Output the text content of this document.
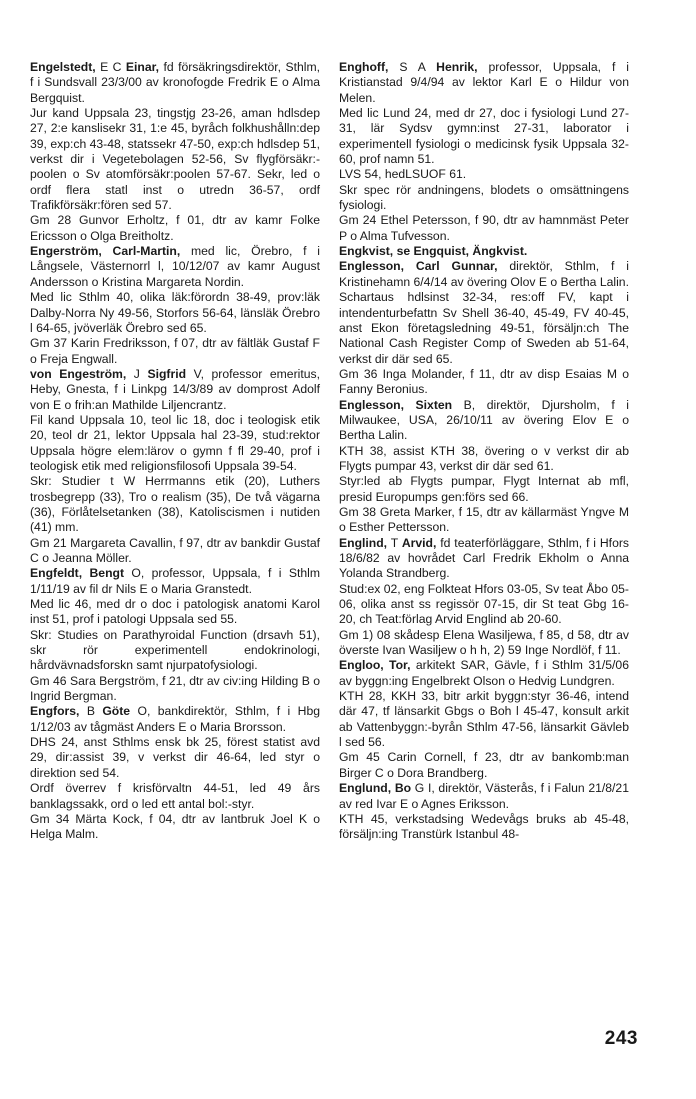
Engelstedt, E C Einar, fd försäkringsdirektör, Sthlm, f i Sundsvall 23/3/00 av kronofogde Fredrik E o Alma Bergquist.

Jur kand Uppsala 23, tingstjg 23-26, aman hdlsdep 27, 2:e kanslisekr 31, 1:e 45, byråch folkhushålln:dep 39, exp:ch 43-48, statssekr 47-50, exp:ch hdlsdep 51, verkst dir i Vegetebolagen 52-56, Sv flygförsäkr:-poolen o Sv atomförsäkr:poolen 57-67. Sekr, led o ordf flera statl inst o utredn 36-57, ordf Trafikförsäkr:fören sed 57.

Gm 28 Gunvor Erholtz, f 01, dtr av kamr Folke Ericsson o Olga Breitholtz.

Engerström, Carl-Martin, med lic, Örebro, f i Långsele, Västernorrl l, 10/12/07 av kamr August Andersson o Kristina Margareta Nordin.

Med lic Sthlm 40, olika läk:förordn 38-49, prov:läk Dalby-Norra Ny 49-56, Storfors 56-64, länsläk Örebro l 64-65, jvöverläk Örebro sed 65.

Gm 37 Karin Fredriksson, f 07, dtr av fältläk Gustaf F o Freja Engwall.

von Engeström, J Sigfrid V, professor emeritus, Heby, Gnesta, f i Linkpg 14/3/89 av domprost Adolf von E o frih:an Mathilde Liljencrantz.

Fil kand Uppsala 10, teol lic 18, doc i teologisk etik 20, teol dr 21, lektor Uppsala hal 23-39, stud:rektor Uppsala högre elem:lärov o gymn f fl 29-40, prof i teologisk etik med religionsfilosofi Uppsala 39-54.

Skr: Studier t W Herrmanns etik (20), Luthers trosbegrepp (33), Tro o realism (35), De två vägarna (36), Förlåtelsetanken (38), Katoliscismen i nutiden (41) mm.

Gm 21 Margareta Cavallin, f 97, dtr av bankdir Gustaf C o Jeanna Möller.

Engfeldt, Bengt O, professor, Uppsala, f i Sthlm 1/11/19 av fil dr Nils E o Maria Granstedt.

Med lic 46, med dr o doc i patologisk anatomi Karol inst 51, prof i patologi Uppsala sed 55.

Skr: Studies on Parathyroidal Function (drsavh 51), skr rör experimentell endokrinologi, hårdvävnadsforskn samt njurpatofysiologi.

Gm 46 Sara Bergström, f 21, dtr av civ:ing Hilding B o Ingrid Bergman.

Engfors, B Göte O, bankdirektör, Sthlm, f i Hbg 1/12/03 av tågmäst Anders E o Maria Brorsson.

DHS 24, anst Sthlms ensk bk 25, förest statist avd 29, dir:assist 39, v verkst dir 46-64, led styr o direktion sed 54.

Ordf överrev f krisförvaltn 44-51, led 49 års banklagssakk, ord o led ett antal bol:-styr.

Gm 34 Märta Kock, f 04, dtr av lantbruk Joel K o Helga Malm.

Enghoff, S A Henrik, professor, Uppsala, f i Kristianstad 9/4/94 av lektor Karl E o Hildur von Melen.

Med lic Lund 24, med dr 27, doc i fysiologi Lund 27-31, lär Sydsv gymn:inst 27-31, laborator i experimentell fysiologi o medicinsk fysik Uppsala 32-60, prof namn 51.

LVS 54, hedLSUOF 61.

Skr spec rör andningens, blodets o omsättningens fysiologi.

Gm 24 Ethel Petersson, f 90, dtr av hamnmäst Peter P o Alma Tufvesson.

Engkvist, se Engquist, Ängkvist.

Englesson, Carl Gunnar, direktör, Sthlm, f i Kristinehamn 6/4/14 av övering Olov E o Bertha Lalin.

Schartaus hdlsinst 32-34, res:off FV, kapt i intendenturbefattn Sv Shell 36-40, 45-49, FV 40-45, anst Ekon företagsledning 49-51, försäljn:ch The National Cash Register Comp of Sweden ab 51-64, verkst dir där sed 65.

Gm 36 Inga Molander, f 11, dtr av disp Esaias M o Fanny Beronius.

Englesson, Sixten B, direktör, Djursholm, f i Milwaukee, USA, 26/10/11 av övering Elov E o Bertha Lalin.

KTH 38, assist KTH 38, övering o v verkst dir ab Flygts pumpar 43, verkst dir där sed 61.

Styr:led ab Flygts pumpar, Flygt Internat ab mfl, presid Europumps gen:förs sed 66.

Gm 38 Greta Marker, f 15, dtr av källarmäst Yngve M o Esther Pettersson.

Englind, T Arvid, fd teaterförläggare, Sthlm, f i Hfors 18/6/82 av hovrådet Carl Fredrik Ekholm o Anna Yolanda Strandberg.

Stud:ex 02, eng Folkteat Hfors 03-05, Sv teat Åbo 05-06, olika anst ss regissör 07-15, dir St teat Gbg 16-20, ch Teat:förlag Arvid Englind ab 20-60.

Gm 1) 08 skådesp Elena Wasiljewa, f 85, d 58, dtr av överste Ivan Wasiljew o h h, 2) 59 Inge Nordlöf, f 11.

Engloo, Tor, arkitekt SAR, Gävle, f i Sthlm 31/5/06 av byggn:ing Engelbrekt Olson o Hedvig Lundgren.

KTH 28, KKH 33, bitr arkit byggn:styr 36-46, intend där 47, tf länsarkit Gbgs o Boh l 45-47, konsult arkit ab Vattenbyggn:-byrån Sthlm 47-56, länsarkit Gävleb l sed 56.

Gm 45 Carin Cornell, f 23, dtr av bankomb:man Birger C o Dora Brandberg.

Englund, Bo G I, direktör, Västerås, f i Falun 21/8/21 av red Ivar E o Agnes Eriksson.

KTH 45, verkstadsing Wedevågs bruks ab 45-48, försäljn:ing Transtürk Istanbul 48-

243
